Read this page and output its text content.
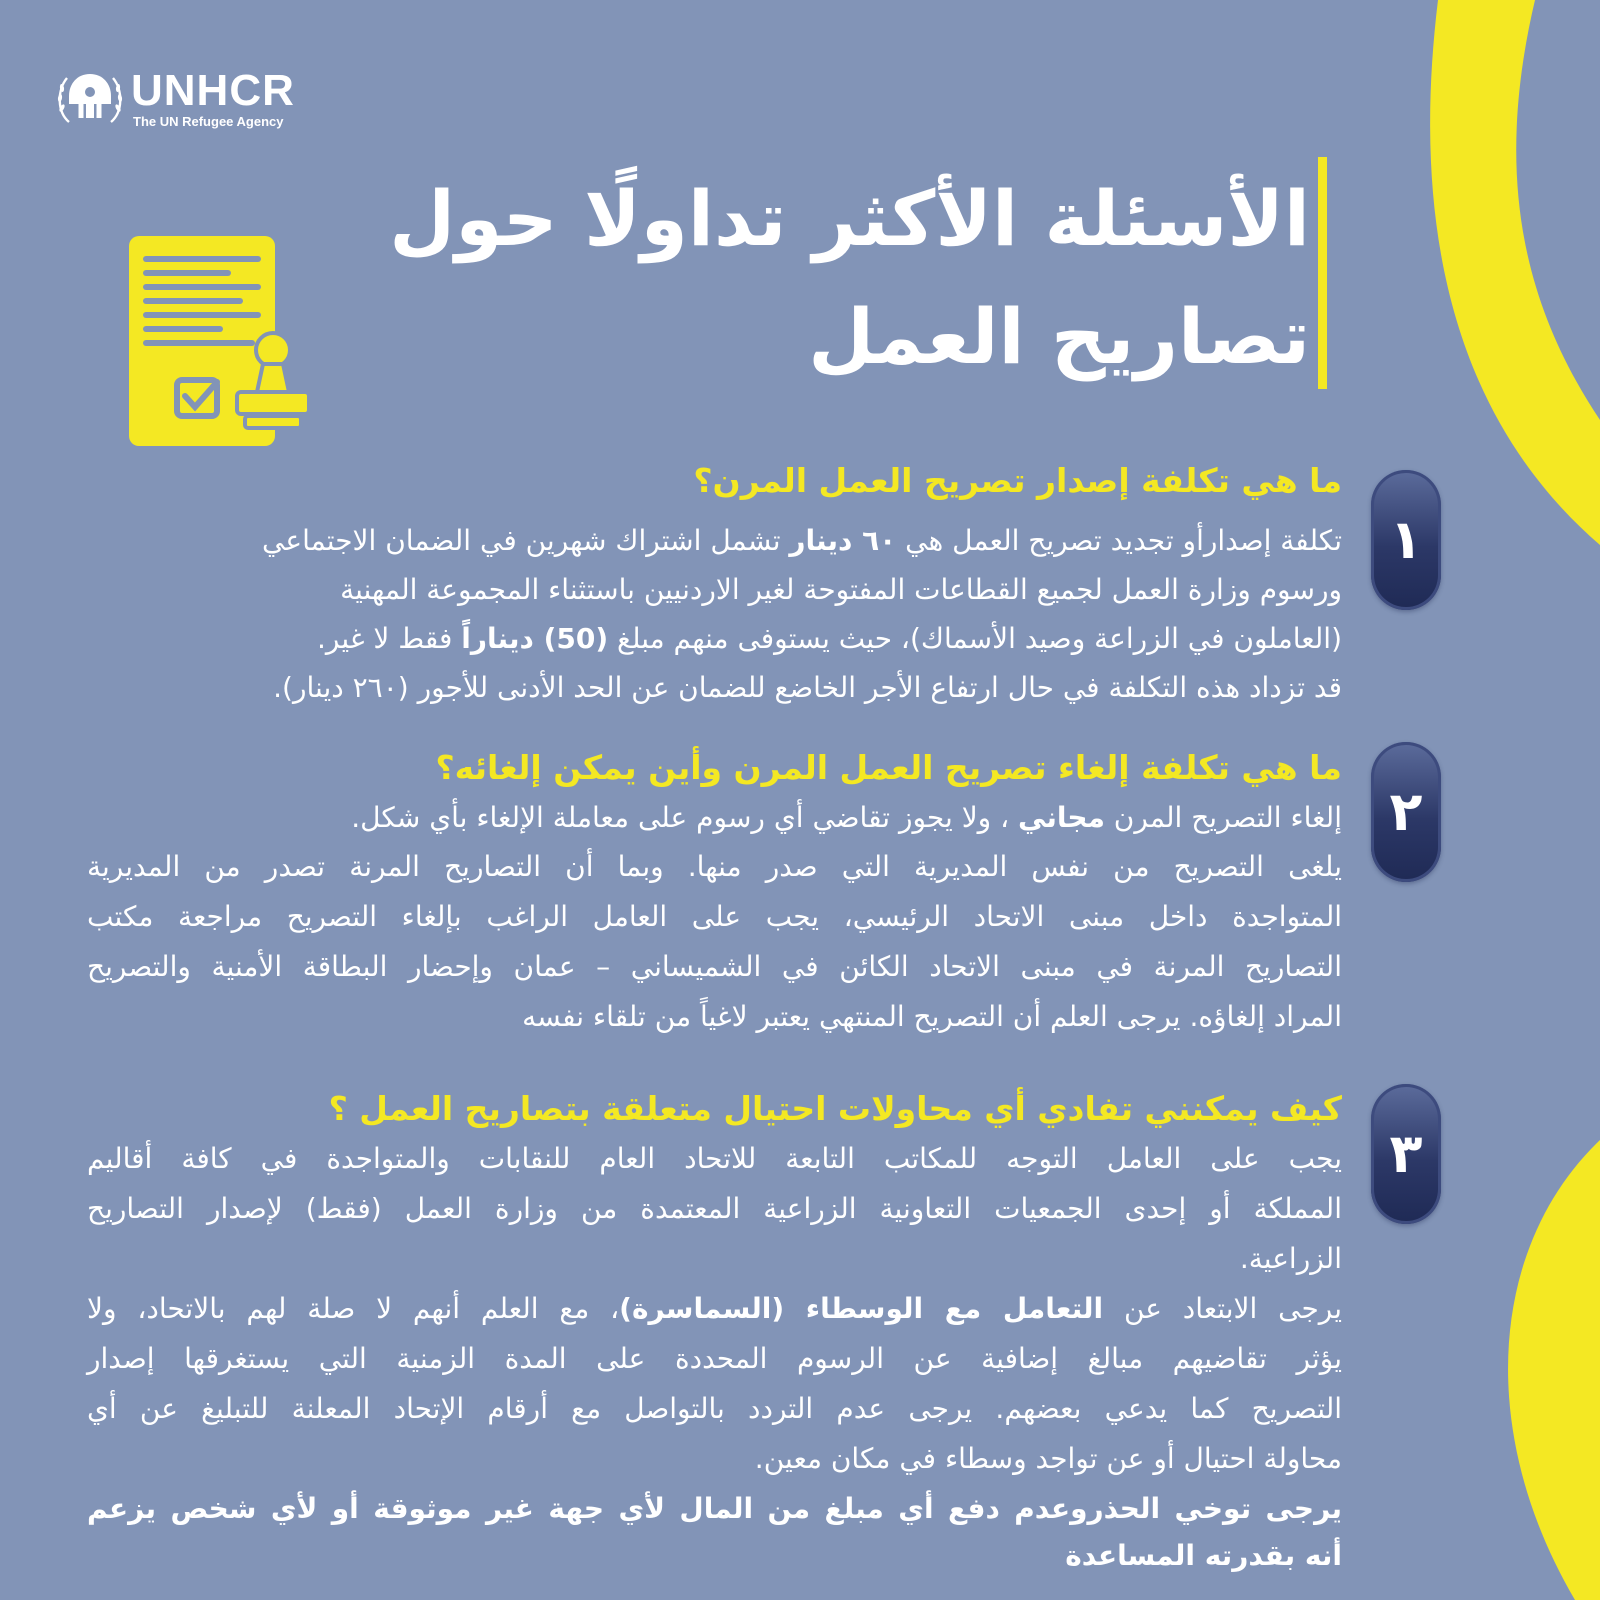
UNHCR
The UN Refugee Agency
الأسئلة الأكثر تداولًا حول
تصاريح العمل
١
٢
٣
ما هي تكلفة إصدار تصريح العمل المرن؟
تكلفة إصدارأو تجديد تصريح العمل هي ٦٠ دينار تشمل اشتراك شهرين في الضمان الاجتماعي
ورسوم وزارة العمل لجميع القطاعات المفتوحة لغير الاردنيين باستثناء المجموعة المهنية
(العاملون في الزراعة وصيد الأسماك)، حيث يستوفى منهم مبلغ (50) ديناراً فقط لا غير.
قد تزداد هذه التكلفة في حال ارتفاع الأجر الخاضع للضمان عن الحد الأدنى للأجور (٢٦٠ دينار).
ما هي تكلفة إلغاء تصريح العمل المرن وأين يمكن إلغائه؟
إلغاء التصريح المرن مجاني ، ولا يجوز تقاضي أي رسوم على معاملة الإلغاء بأي شكل.
يلغى التصريح من نفس المديرية التي صدر منها. وبما أن التصاريح المرنة تصدر من المديرية
المتواجدة داخل مبنى الاتحاد الرئيسي، يجب على العامل الراغب بإلغاء التصريح مراجعة مكتب
التصاريح المرنة في مبنى الاتحاد الكائن في الشميساني – عمان وإحضار البطاقة الأمنية والتصريح
المراد إلغاؤه. يرجى العلم أن التصريح المنتهي يعتبر لاغياً من تلقاء نفسه
كيف يمكنني تفادي أي محاولات احتيال متعلقة بتصاريح العمل ؟
يجب على العامل التوجه للمكاتب التابعة للاتحاد العام للنقابات والمتواجدة في كافة أقاليم
المملكة أو إحدى الجمعيات التعاونية الزراعية المعتمدة من وزارة العمل (فقط) لإصدار التصاريح
الزراعية.
يرجى الابتعاد عن التعامل مع الوسطاء (السماسرة)، مع العلم أنهم لا صلة لهم بالاتحاد، ولا
يؤثر تقاضيهم مبالغ إضافية عن الرسوم المحددة على المدة الزمنية التي يستغرقها إصدار
التصريح كما يدعي بعضهم. يرجى عدم التردد بالتواصل مع أرقام الإتحاد المعلنة للتبليغ عن أي
محاولة احتيال أو عن تواجد وسطاء في مكان معين.
يرجى توخي الحذروعدم دفع أي مبلغ من المال لأي جهة غير موثوقة أو لأي شخص يزعم
أنه بقدرته المساعدة
